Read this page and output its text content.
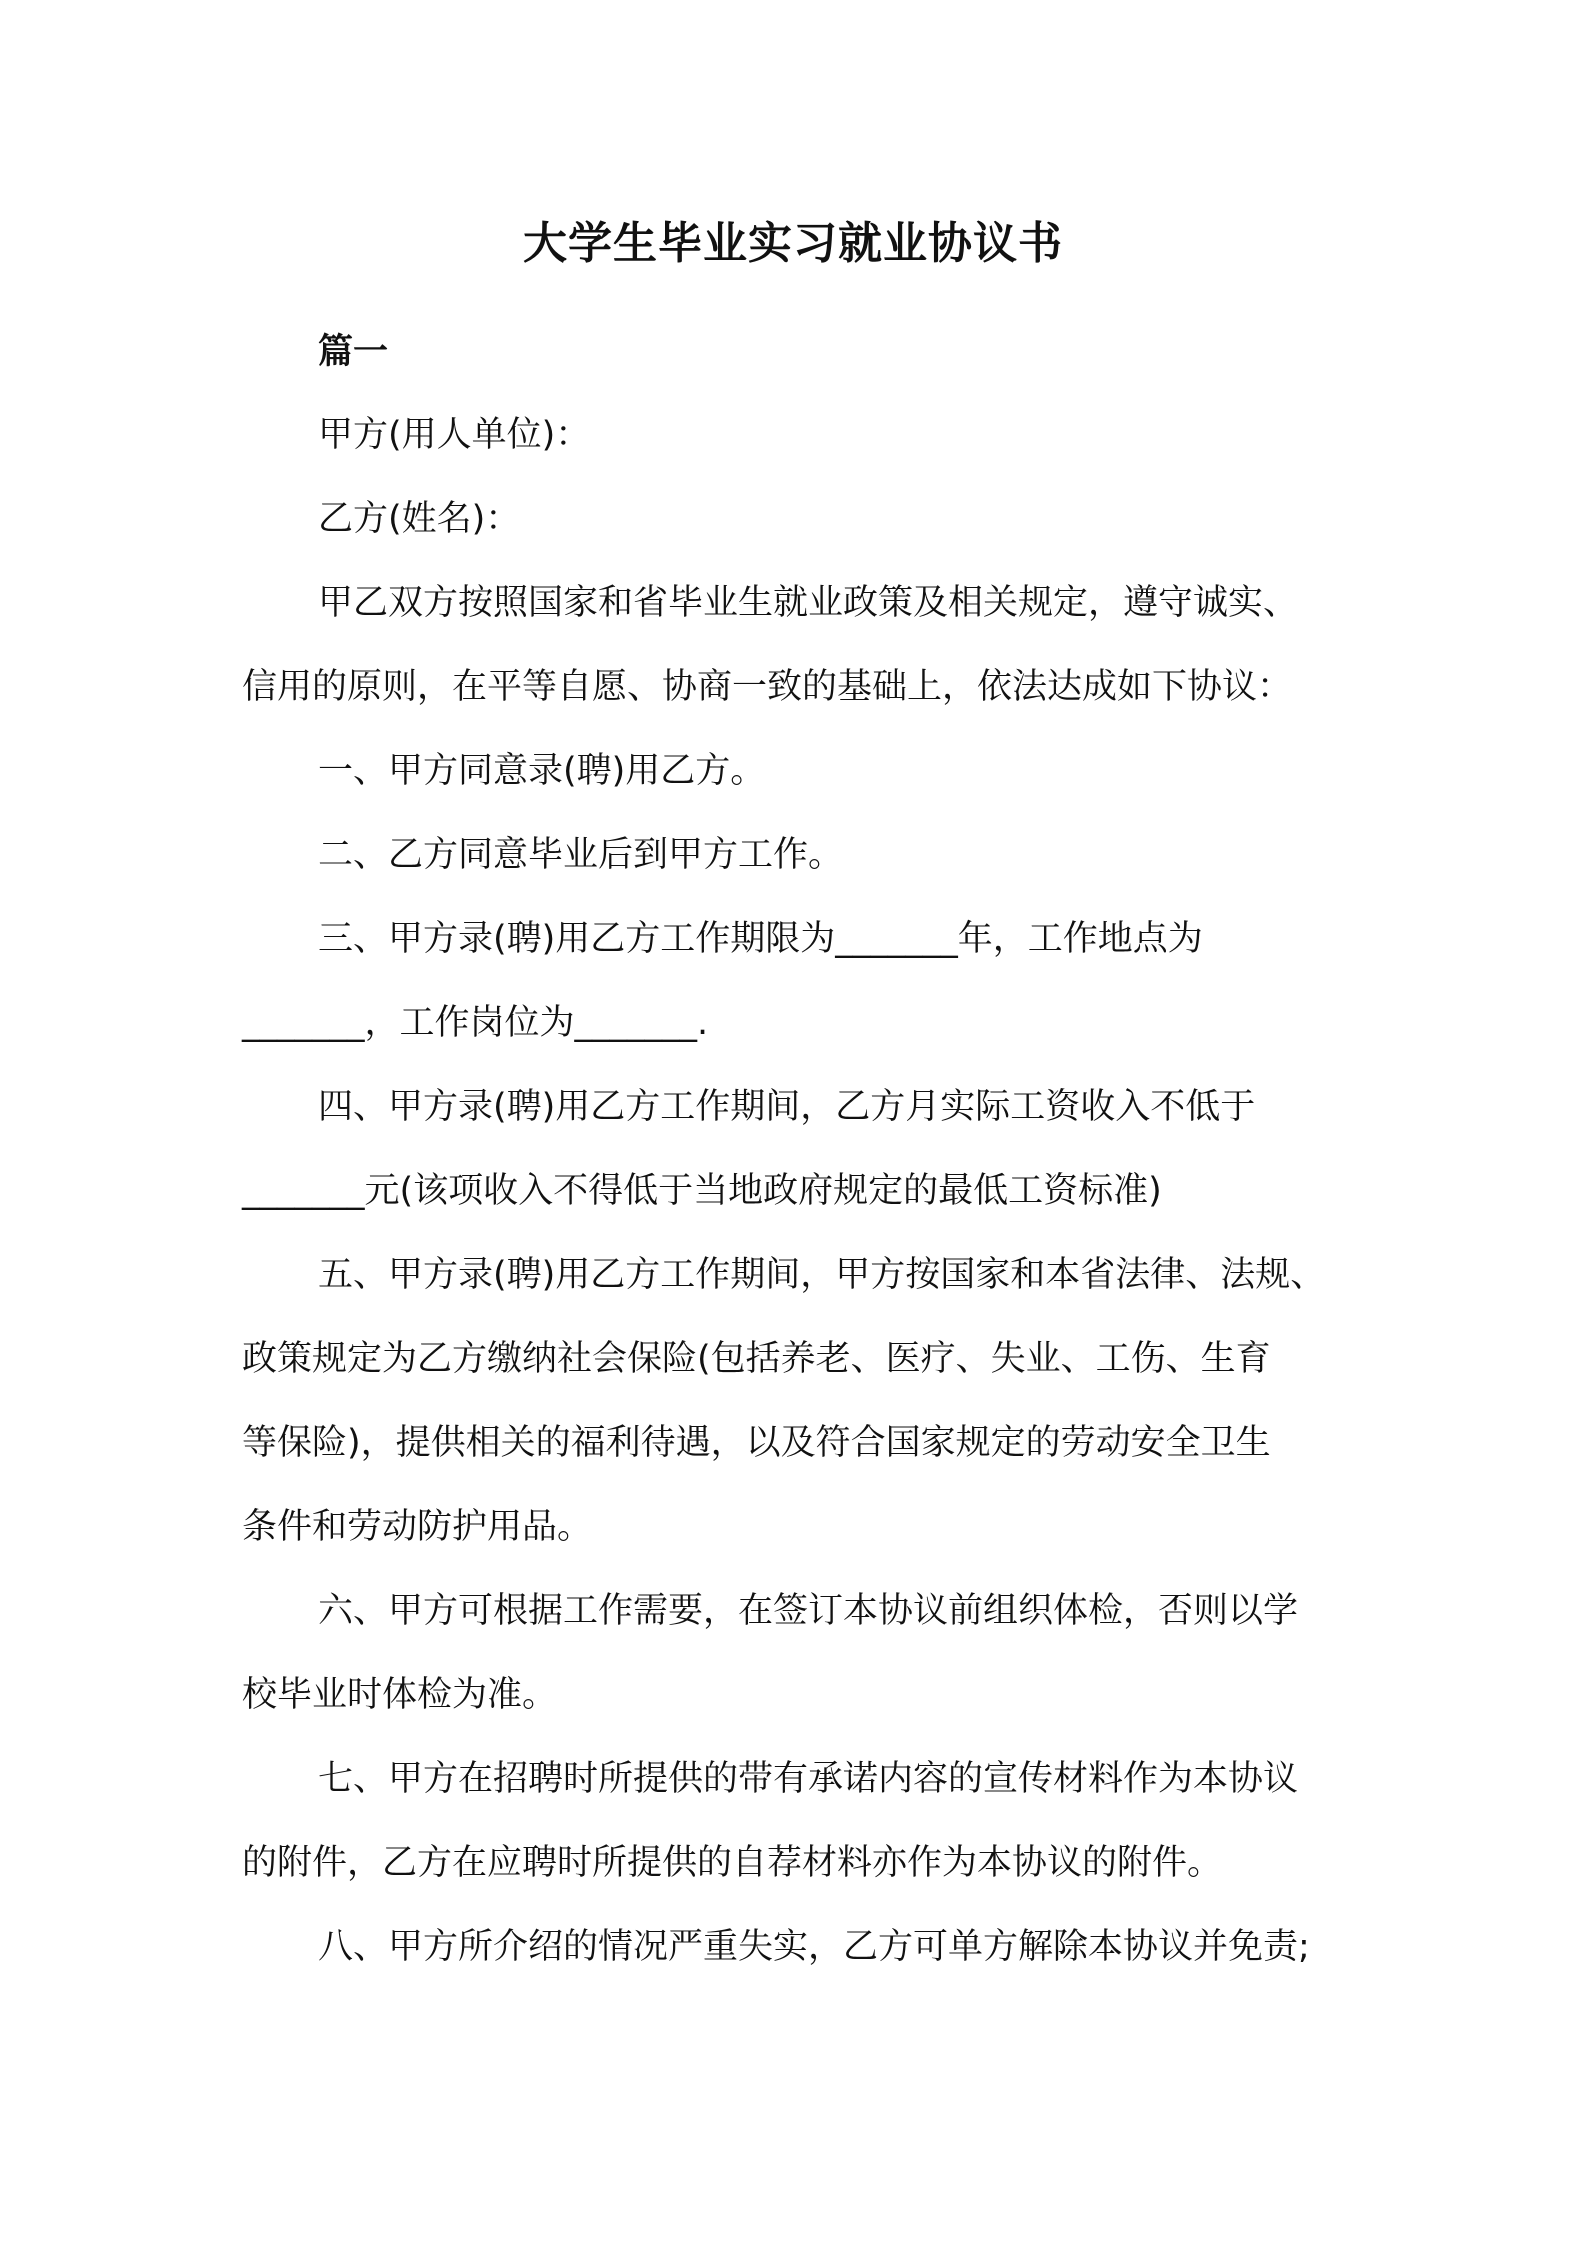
大学生毕业实习就业协议书
篇一
甲方(用人单位)：
乙方(姓名)：
甲乙双方按照国家和省毕业生就业政策及相关规定，遵守诚实、
信用的原则，在平等自愿、协商一致的基础上，依法达成如下协议：
一、甲方同意录(聘)用乙方。
二、乙方同意毕业后到甲方工作。
三、甲方录(聘)用乙方工作期限为_______年，工作地点为
_______，工作岗位为_______.
四、甲方录(聘)用乙方工作期间，乙方月实际工资收入不低于
_______元(该项收入不得低于当地政府规定的最低工资标准)
五、甲方录(聘)用乙方工作期间，甲方按国家和本省法律、法规、
政策规定为乙方缴纳社会保险(包括养老、医疗、失业、工伤、生育
等保险)，提供相关的福利待遇，以及符合国家规定的劳动安全卫生
条件和劳动防护用品。
六、甲方可根据工作需要，在签订本协议前组织体检，否则以学
校毕业时体检为准。
七、甲方在招聘时所提供的带有承诺内容的宣传材料作为本协议
的附件，乙方在应聘时所提供的自荐材料亦作为本协议的附件。
八、甲方所介绍的情况严重失实，乙方可单方解除本协议并免责;
